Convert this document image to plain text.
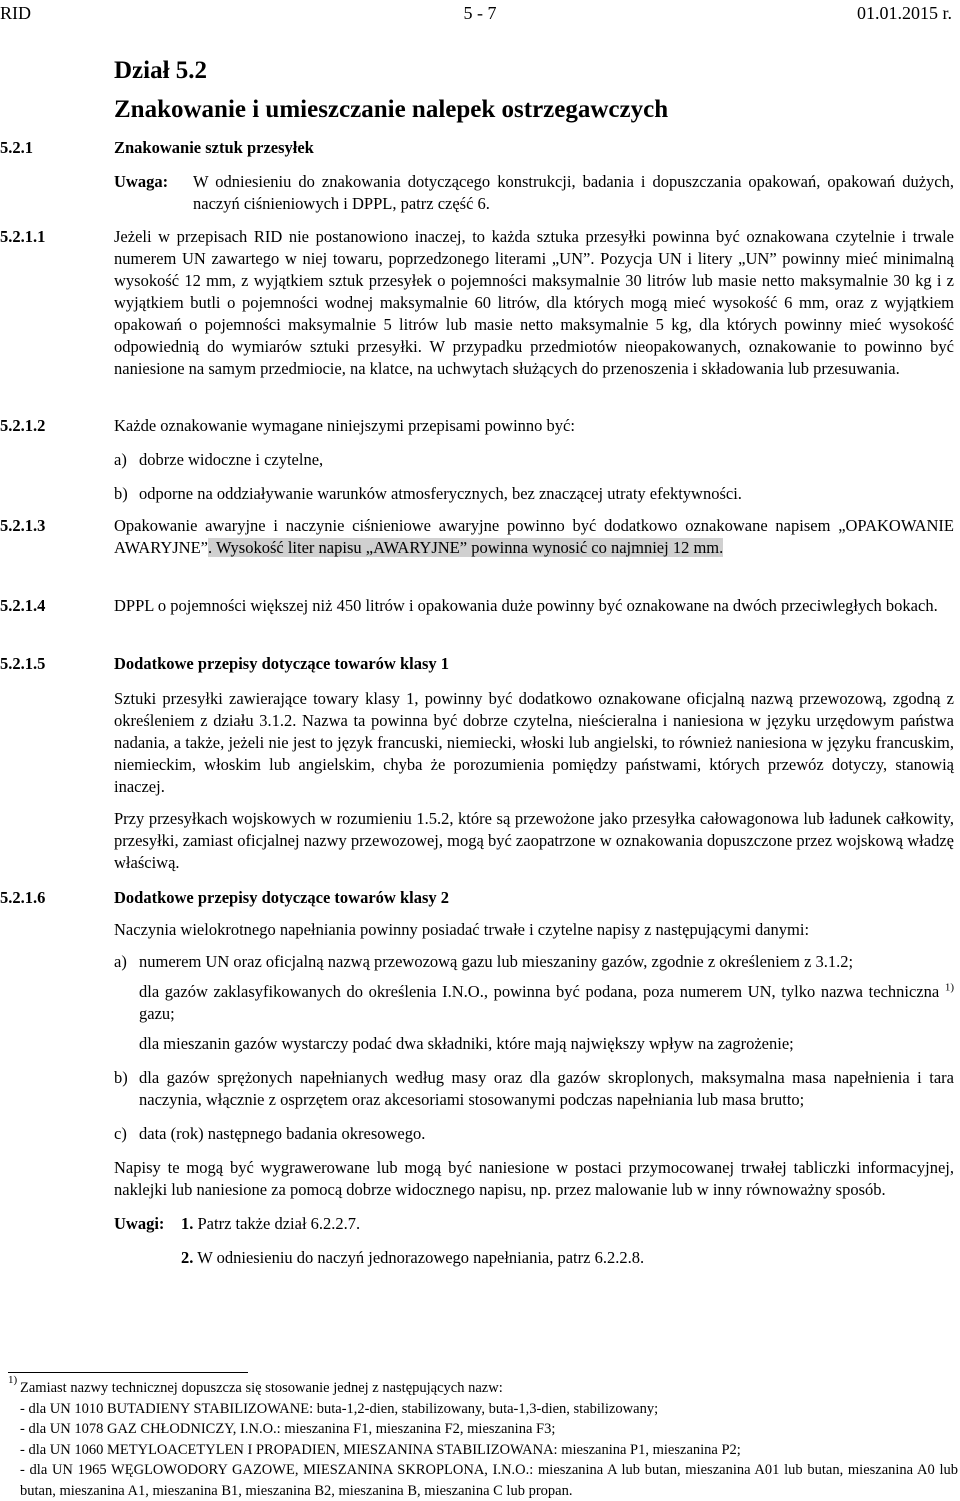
RID	5 - 7	01.01.2015 r.
Dział 5.2
Znakowanie i umieszczanie nalepek ostrzegawczych
5.2.1	Znakowanie sztuk przesyłek
Uwaga: W odniesieniu do znakowania dotyczącego konstrukcji, badania i dopuszczania opakowań, opakowań dużych, naczyń ciśnieniowych i DPPL, patrz część 6.
5.2.1.1	Jeżeli w przepisach RID nie postanowiono inaczej, to każda sztuka przesyłki powinna być oznakowana czytelnie i trwale numerem UN zawartego w niej towaru, poprzedzonego literami „UN”. Pozycja UN i litery „UN” powinny mieć minimalną wysokość 12 mm, z wyjątkiem sztuk przesyłek o pojemności maksymalnie 30 litrów lub masie netto maksymalnie 30 kg i z wyjątkiem butli o pojemności wodnej maksymalnie 60 litrów, dla których mogą mieć wysokość 6 mm, oraz z wyjątkiem opakowań o pojemności maksymalnie 5 litrów lub masie netto maksymalnie 5 kg, dla których powinny mieć wysokość odpowiednią do wymiarów sztuki przesyłki. W przypadku przedmiotów nieopakowanych, oznakowanie to powinno być naniesione na samym przedmiocie, na klatce, na uchwytach służących do przenoszenia i składowania lub przesuwania.
5.2.1.2	Każde oznakowanie wymagane niniejszymi przepisami powinno być:
a) dobrze widoczne i czytelne,
b) odporne na oddziaływanie warunków atmosferycznych, bez znaczącej utraty efektywności.
5.2.1.3	Opakowanie awaryjne i naczynie ciśnieniowe awaryjne powinno być dodatkowo oznakowane napisem „OPAKOWANIE AWARYJNE”. Wysokość liter napisu „AWARYJNE” powinna wynosić co najmniej 12 mm.
5.2.1.4	DPPL o pojemności większej niż 450 litrów i opakowania duże powinny być oznakowane na dwóch przeciwległych bokach.
5.2.1.5	Dodatkowe przepisy dotyczące towarów klasy 1
Sztuki przesyłki zawierające towary klasy 1, powinny być dodatkowo oznakowane oficjalną nazwą przewozową, zgodną z określeniem z działu 3.1.2. Nazwa ta powinna być dobrze czytelna, nieścieralna i naniesiona w języku urzędowym państwa nadania, a także, jeżeli nie jest to język francuski, niemiecki, włoski lub angielski, to również naniesiona w języku francuskim, niemieckim, włoskim lub angielskim, chyba że porozumienia pomiędzy państwami, których przewóz dotyczy, stanowią inaczej.
Przy przesyłkach wojskowych w rozumieniu 1.5.2, które są przewożone jako przesyłka całowagonowa lub ładunek całkowity, przesyłki, zamiast oficjalnej nazwy przewozowej, mogą być zaopatrzone w oznakowania dopuszczone przez wojskową władzę właściwą.
5.2.1.6	Dodatkowe przepisy dotyczące towarów klasy 2
Naczynia wielokrotnego napełniania powinny posiadać trwałe i czytelne napisy z następującymi danymi:
a) numerem UN oraz oficjalną nazwą przewozową gazu lub mieszaniny gazów, zgodnie z określeniem z 3.1.2;
dla gazów zaklasyfikowanych do określenia I.N.O., powinna być podana, poza numerem UN, tylko nazwa techniczna $^{1)}$ gazu;
dla mieszanin gazów wystarczy podać dwa składniki, które mają największy wpływ na zagrożenie;
b) dla gazów sprężonych napełnianych według masy oraz dla gazów skroplonych, maksymalna masa napełnienia i tara naczynia, włącznie z osprzętem oraz akcesoriami stosowanymi podczas napełniania lub masa brutto;
c) data (rok) następnego badania okresowego.
Napisy te mogą być wygrawerowane lub mogą być naniesione w postaci przymocowanej trwałej tabliczki informacyjnej, naklejki lub naniesione za pomocą dobrze widocznego napisu, np. przez malowanie lub w inny równoważny sposób.
Uwagi: 1. Patrz także dział 6.2.2.7.
2. W odniesieniu do naczyń jednorazowego napełniania, patrz 6.2.2.8.
1) Zamiast nazwy technicznej dopuszcza się stosowanie jednej z następujących nazw:
- dla UN 1010 BUTADIENY STABILIZOWANE: buta-1,2-dien, stabilizowany, buta-1,3-dien, stabilizowany;
- dla UN 1078 GAZ CHŁODNICZY, I.N.O.: mieszanina F1, mieszanina F2, mieszanina F3;
- dla UN 1060 METYLOACETYLEN I PROPADIEN, MIESZANINA STABILIZOWANA: mieszanina P1, mieszanina P2;
- dla UN 1965 WĘGLOWODORY GAZOWE, MIESZANINA SKROPLONA, I.N.O.: mieszanina A lub butan, mieszanina A01 lub butan, mieszanina A0 lub butan, mieszanina A1, mieszanina B1, mieszanina B2, mieszanina B, mieszanina C lub propan.
